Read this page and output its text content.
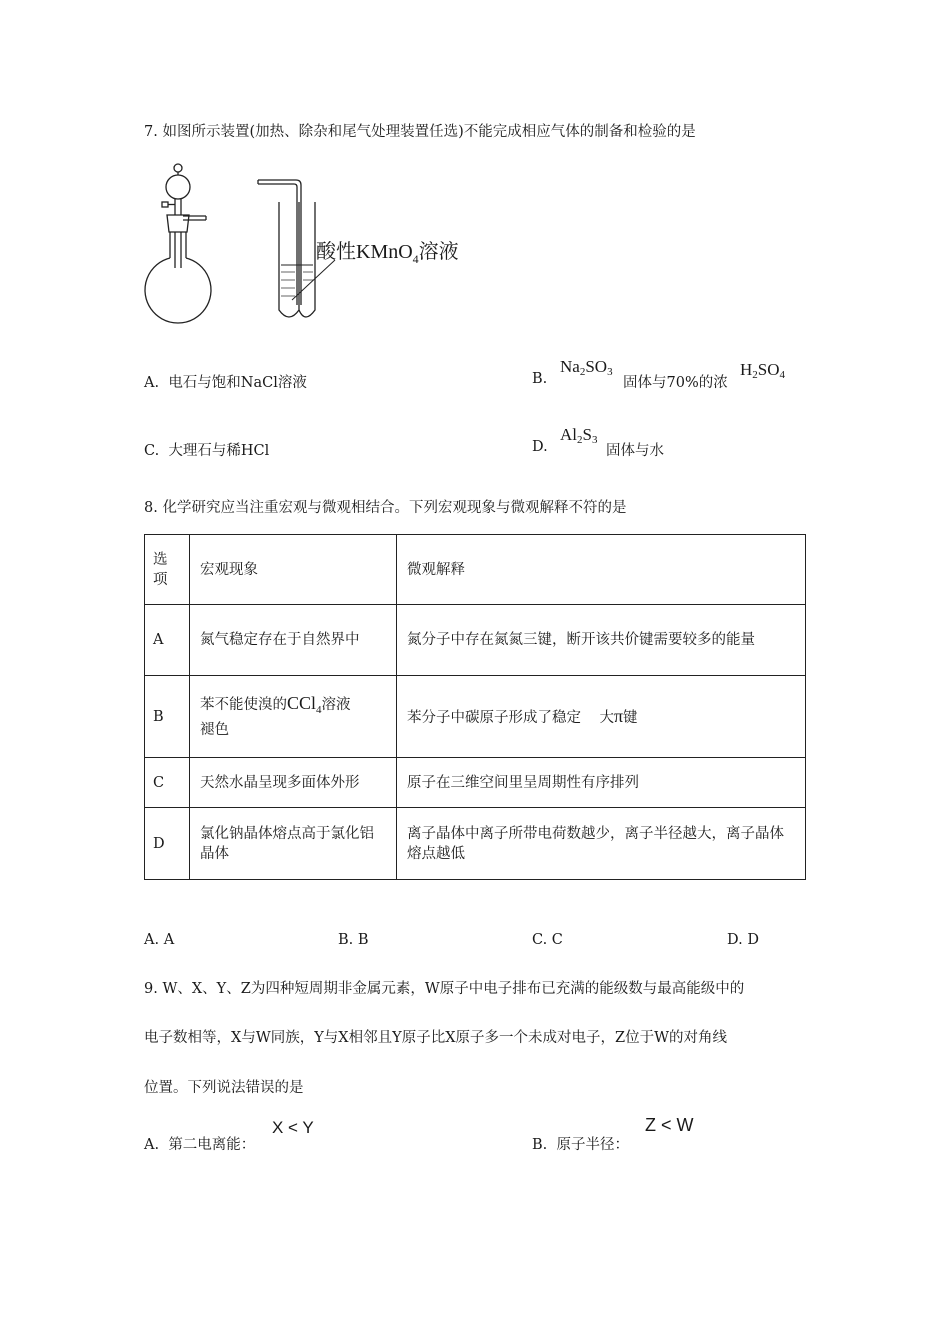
7. 如图所示装置(加热、除杂和尾气处理装置任选)不能完成相应气体的制备和检验的是
酸性KMnO$_4$溶液
A. 电石与饱和NaCl溶液	B.
$Na_2SO_3$
固体与70%的浓
$H_2SO_4$
C. 大理石与稀HCl	D.
$Al_2S_3$
固体与水
8. 化学研究应当注重宏观与微观相结合。下列宏观现象与微观解释不符的是
选
项	宏观现象	微观解释
A	氮气稳定存在于自然界中	氮分子中存在氮氮三键，断开该共价键需要较多的能量
B	苯不能使溴的CCl$_4$溶液
褪色	苯分子中碳原子形成了稳定 大π键
C	天然水晶呈现多面体外形	原子在三维空间里呈周期性有序排列
D	氯化钠晶体熔点高于氯化铝晶体	离子晶体中离子所带电荷数越少，离子半径越大，离子晶体熔点越低
A. A	B. B	C. C	D. D
9. W、X、Y、Z为四种短周期非金属元素，W原子中电子排布已充满的能级数与最高能级中的
电子数相等，X与W同族，Y与X相邻且Y原子比X原子多一个未成对电子，Z位于W的对角线
位置。下列说法错误的是
A. 第二电离能：
X < Y
B. 原子半径：
Z < W
